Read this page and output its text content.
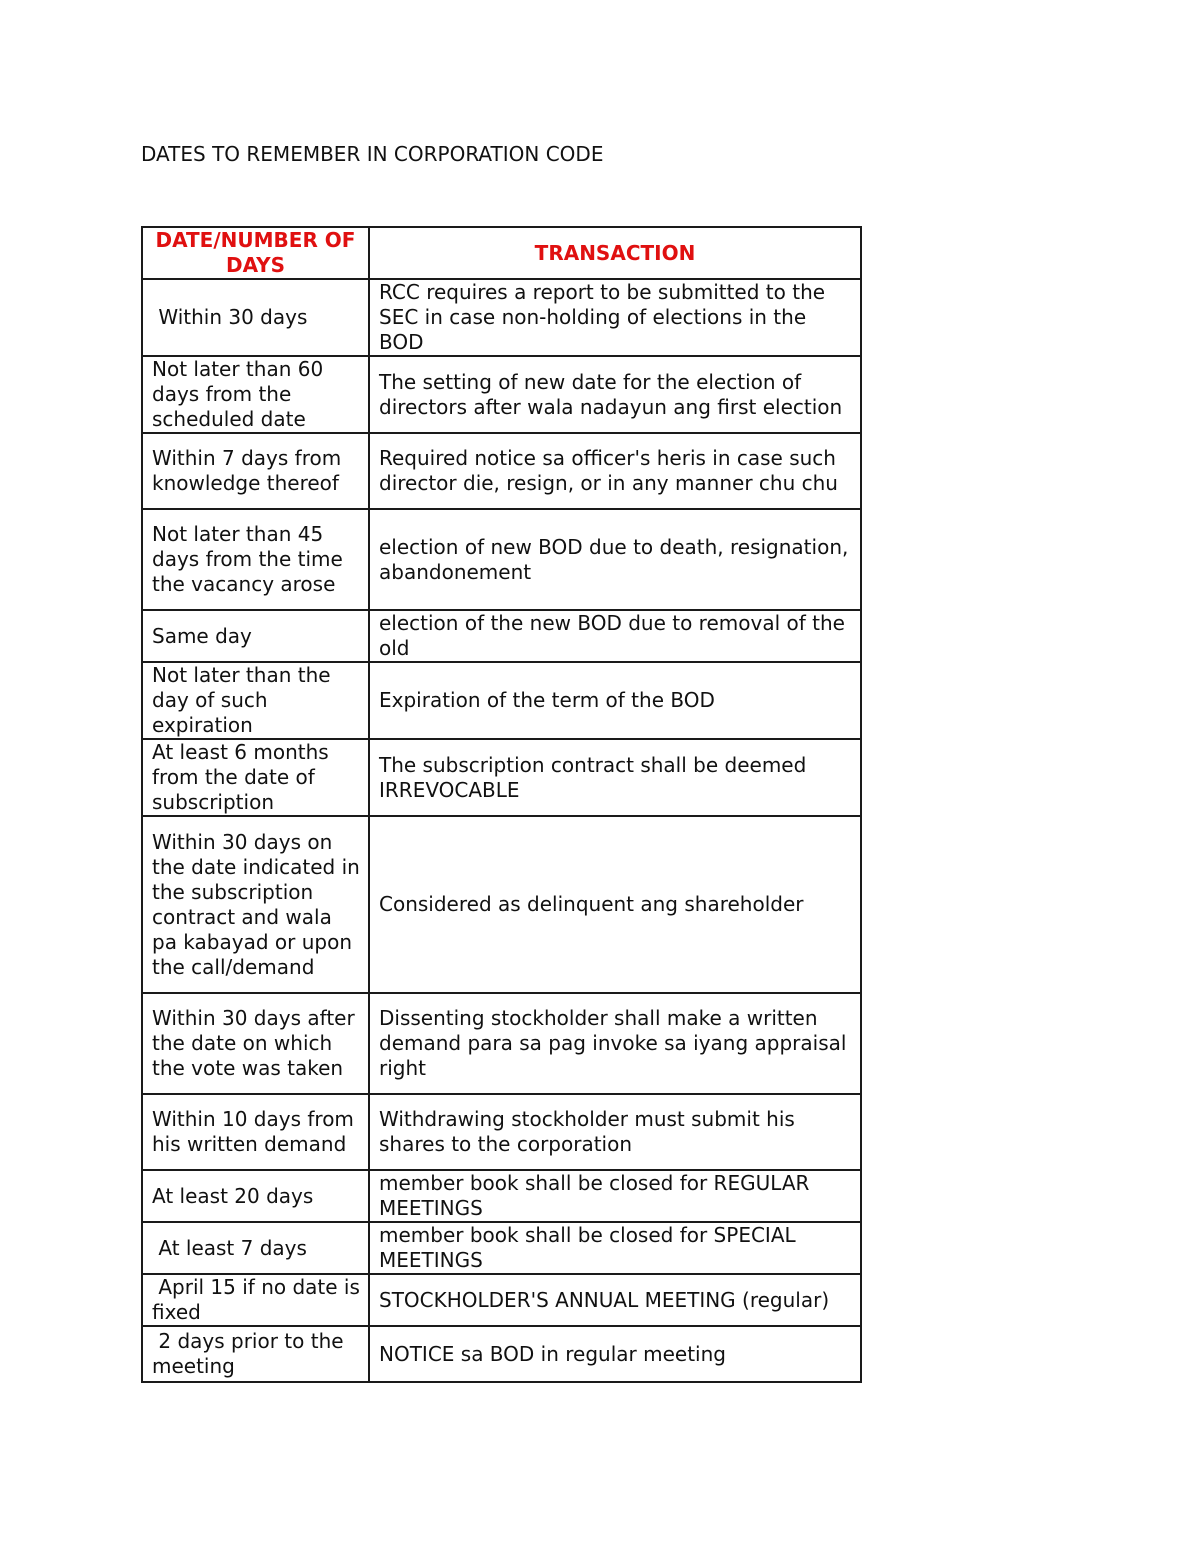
DATES TO REMEMBER IN CORPORATION CODE
DATE/NUMBER OF DAYS	TRANSACTION
Within 30 days	RCC requires a report to be submitted to the SEC in case non-holding of elections in the BOD
Not later than 60 days from the scheduled date	The setting of new date for the election of directors after wala nadayun ang first election
Within 7 days from knowledge thereof	Required notice sa officer's heris in case such director die, resign, or in any manner chu chu
Not later than 45 days from the time the vacancy arose	election of new BOD due to death, resignation, abandonement
Same day	election of the new BOD due to removal of the old
Not later than the day of such expiration	Expiration of the term of the BOD
At least 6 months from the date of subscription	The subscription contract shall be deemed IRREVOCABLE
Within 30 days on the date indicated in the subscription contract and wala pa kabayad or upon the call/demand	Considered as delinquent ang shareholder
Within 30 days after the date on which the vote was taken	Dissenting stockholder shall make a written demand para sa pag invoke sa iyang appraisal right
Within 10 days from his written demand	Withdrawing stockholder must submit his shares to the corporation
At least 20 days	member book shall be closed for REGULAR MEETINGS
At least 7 days	member book shall be closed for SPECIAL MEETINGS
April 15 if no date is fixed	STOCKHOLDER'S ANNUAL MEETING (regular)
2 days prior to the meeting	NOTICE sa BOD in regular meeting
